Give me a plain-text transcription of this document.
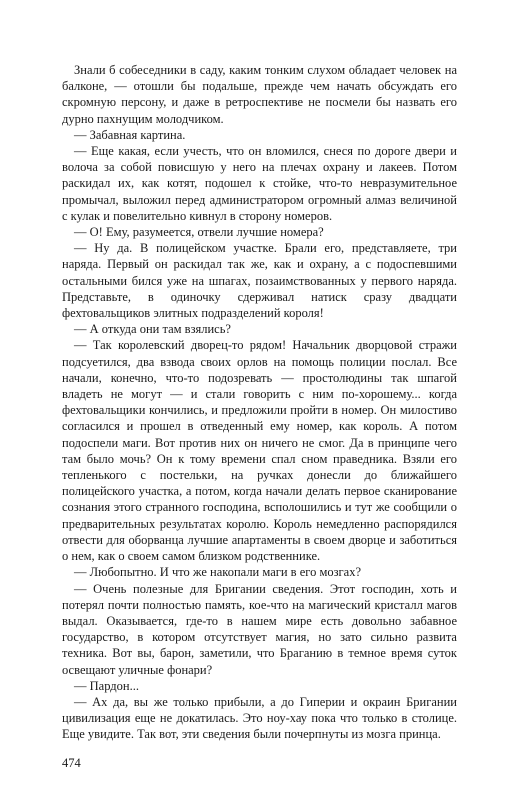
Знали б собеседники в саду, каким тонким слухом обладает человек на балконе, — отошли бы подальше, прежде чем начать обсуждать его скромную персону, и даже в ретроспективе не посмели бы назвать его дурно пахнущим молодчиком.

— Забавная картина.

— Еще какая, если учесть, что он вломился, снеся по дороге двери и волоча за собой повисшую у него на плечах охрану и лакеев. Потом раскидал их, как котят, подошел к стойке, что-то невразумительное промычал, выложил перед администратором огромный алмаз величиной с кулак и повелительно кивнул в сторону номеров.

— О! Ему, разумеется, отвели лучшие номера?

— Ну да. В полицейском участке. Брали его, представляете, три наряда. Первый он раскидал так же, как и охрану, а с подоспевшими остальными бился уже на шпагах, позаимствованных у первого наряда. Представьте, в одиночку сдерживал натиск сразу двадцати фехтовальщиков элитных подразделений короля!

— А откуда они там взялись?

— Так королевский дворец-то рядом! Начальник дворцовой стражи подсуетился, два взвода своих орлов на помощь полиции послал. Все начали, конечно, что-то подозревать — простолюдины так шпагой владеть не могут — и стали говорить с ним по-хорошему... когда фехтовальщики кончились, и предложили пройти в номер. Он милостиво согласился и прошел в отведенный ему номер, как король. А потом подоспели маги. Вот против них он ничего не смог. Да в принципе чего там было мочь? Он к тому времени спал сном праведника. Взяли его тепленького с постельки, на ручках донесли до ближайшего полицейского участка, а потом, когда начали делать первое сканирование сознания этого странного господина, всполошились и тут же сообщили о предварительных результатах королю. Король немедленно распорядился отвести для оборванца лучшие апартаменты в своем дворце и заботиться о нем, как о своем самом близком родственнике.

— Любопытно. И что же накопали маги в его мозгах?

— Очень полезные для Бригании сведения. Этот господин, хоть и потерял почти полностью память, кое-что на магический кристалл магов выдал. Оказывается, где-то в нашем мире есть довольно забавное государство, в котором отсутствует магия, но зато сильно развита техника. Вот вы, барон, заметили, что Браганию в темное время суток освещают уличные фонари?

— Пардон...

— Ах да, вы же только прибыли, а до Гиперии и окраин Бригании цивилизация еще не докатилась. Это ноу-хау пока что только в столице. Еще увидите. Так вот, эти сведения были почерпнуты из мозга принца.

474
